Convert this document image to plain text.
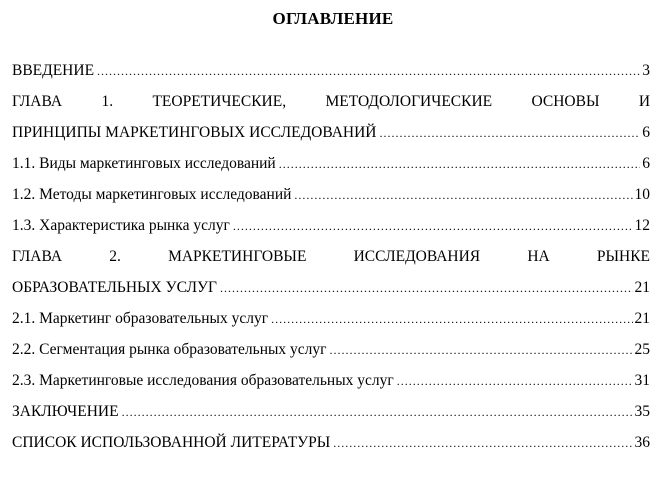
ОГЛАВЛЕНИЕ
ВВЕДЕНИЕ .....	3
ГЛАВА	1.	ТЕОРЕТИЧЕСКИЕ,	МЕТОДОЛОГИЧЕСКИЕ	ОСНОВЫ	И
ПРИНЦИПЫ МАРКЕТИНГОВЫХ ИССЛЕДОВАНИЙ .....	6
1.1. Виды маркетинговых исследований .....	6
1.2. Методы маркетинговых исследований .....	10
1.3. Характеристика рынка услуг .....	12
ГЛАВА	2.	МАРКЕТИНГОВЫЕ	ИССЛЕДОВАНИЯ	НА	РЫНКЕ
ОБРАЗОВАТЕЛЬНЫХ УСЛУГ .....	21
2.1. Маркетинг образовательных услуг .....	21
2.2. Сегментация рынка образовательных услуг .....	25
2.3. Маркетинговые исследования образовательных услуг .....	31
ЗАКЛЮЧЕНИЕ .....	35
СПИСОК ИСПОЛЬЗОВАННОЙ ЛИТЕРАТУРЫ .....	36
